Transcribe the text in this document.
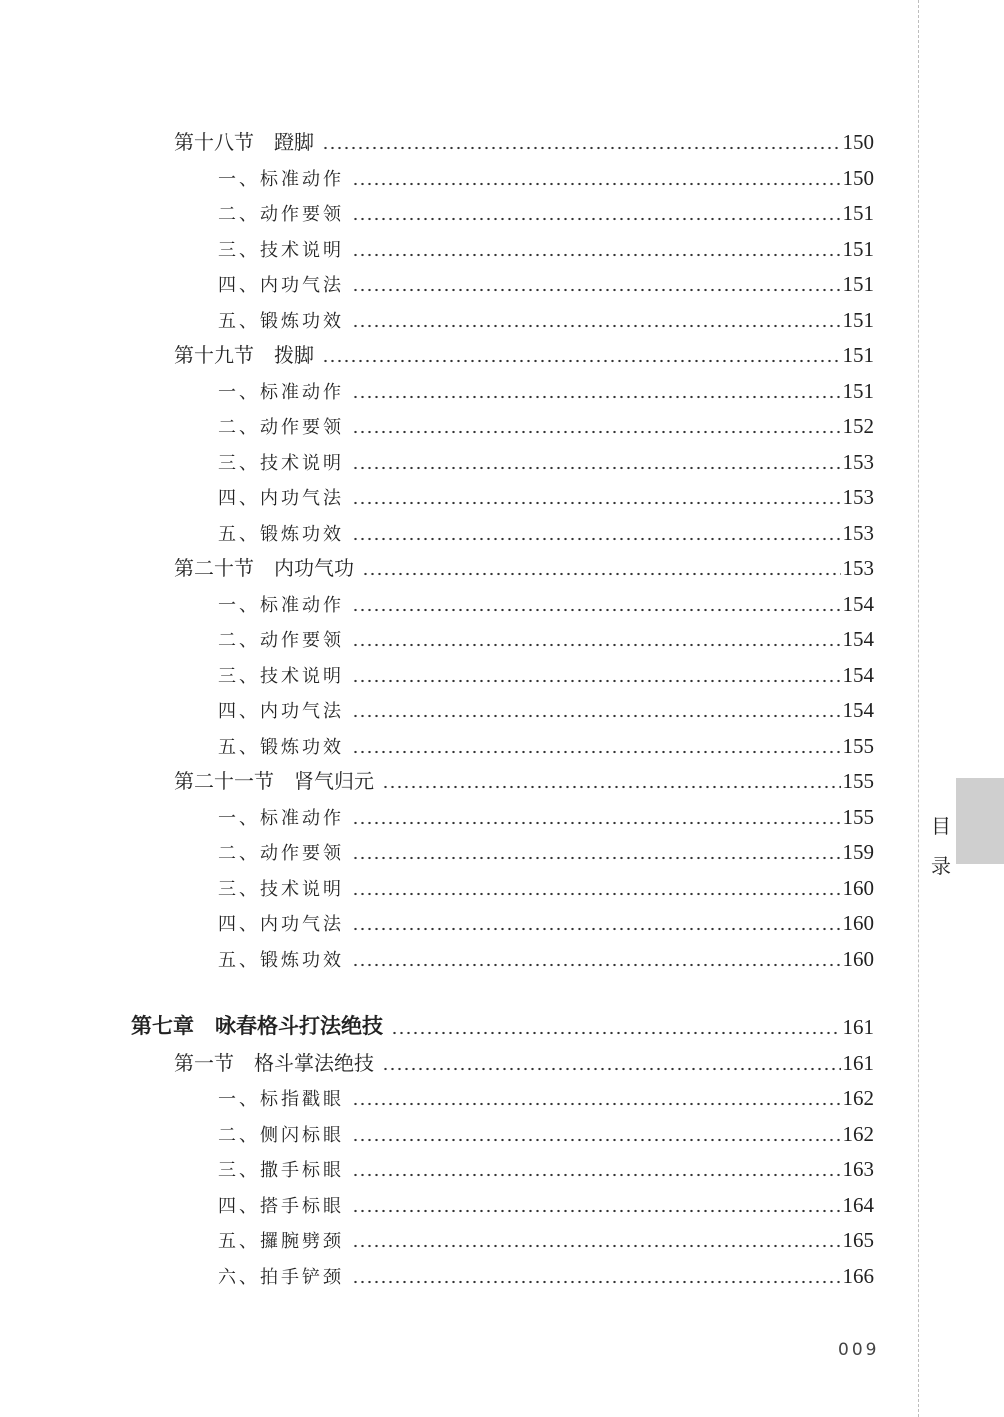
目
录
第十八节　蹬脚	150
一、标准动作	150
二、动作要领	151
三、技术说明	151
四、内功气法	151
五、锻炼功效	151
第十九节　拨脚	151
一、标准动作	151
二、动作要领	152
三、技术说明	153
四、内功气法	153
五、锻炼功效	153
第二十节　内功气功	153
一、标准动作	154
二、动作要领	154
三、技术说明	154
四、内功气法	154
五、锻炼功效	155
第二十一节　肾气归元	155
一、标准动作	155
二、动作要领	159
三、技术说明	160
四、内功气法	160
五、锻炼功效	160
第七章　咏春格斗打法绝技	161
第一节　格斗掌法绝技	161
一、标指戳眼	162
二、侧闪标眼	162
三、撒手标眼	163
四、搭手标眼	164
五、攞腕劈颈	165
六、拍手铲颈	166
009
